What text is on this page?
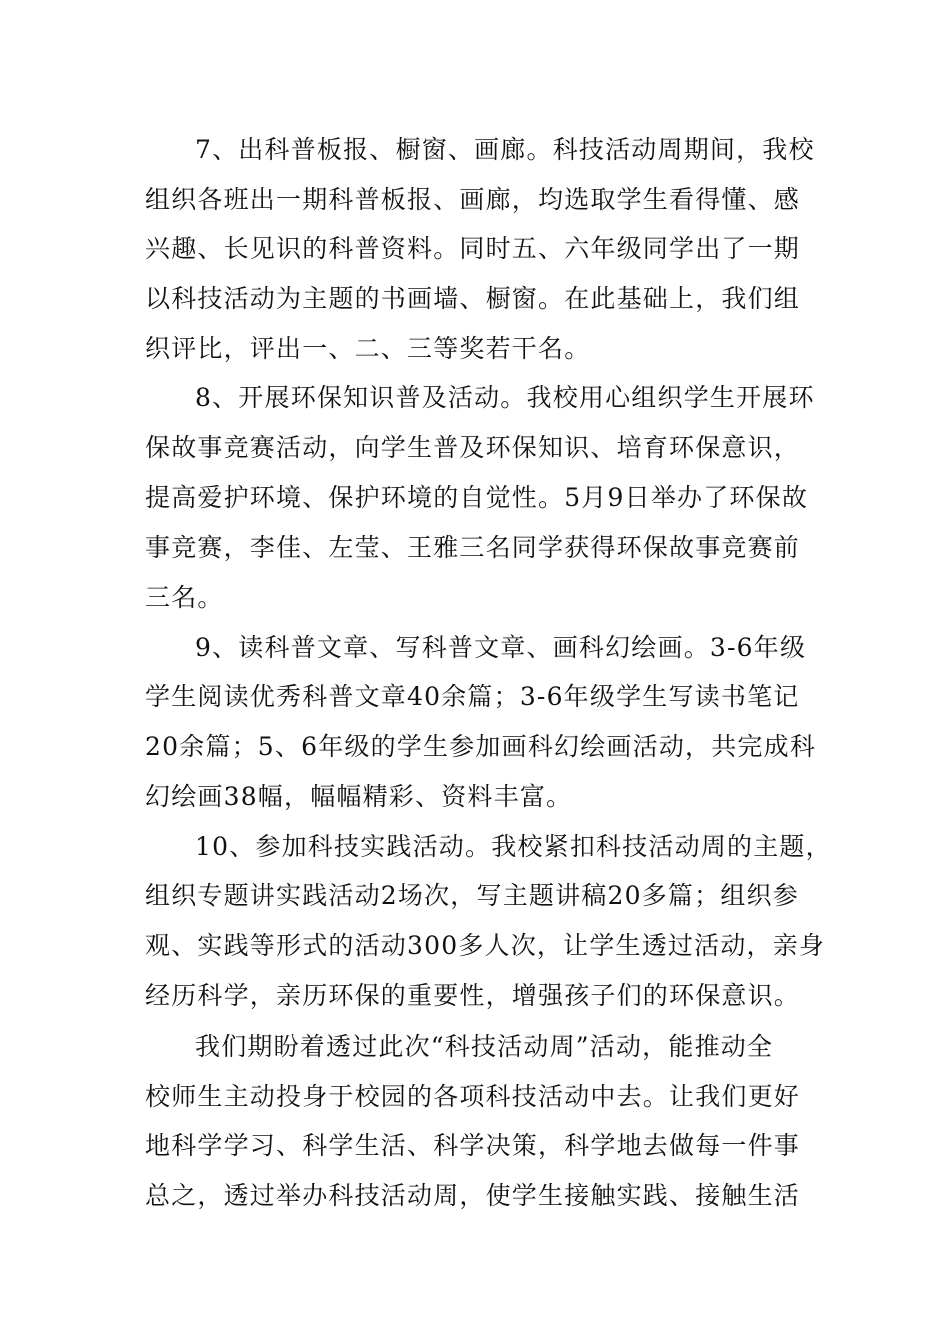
7、出科普板报、橱窗、画廊。科技活动周期间，我校
组织各班出一期科普板报、画廊，均选取学生看得懂、感
兴趣、长见识的科普资料。同时五、六年级同学出了一期
以科技活动为主题的书画墙、橱窗。在此基础上，我们组
织评比，评出一、二、三等奖若干名。
8、开展环保知识普及活动。我校用心组织学生开展环
保故事竞赛活动，向学生普及环保知识、培育环保意识，
提高爱护环境、保护环境的自觉性。5月9日举办了环保故
事竞赛，李佳、左莹、王雅三名同学获得环保故事竞赛前
三名。
9、读科普文章、写科普文章、画科幻绘画。3-6年级
学生阅读优秀科普文章40余篇；3-6年级学生写读书笔记
20余篇；5、6年级的学生参加画科幻绘画活动，共完成科
幻绘画38幅，幅幅精彩、资料丰富。
10、参加科技实践活动。我校紧扣科技活动周的主题，
组织专题讲实践活动2场次，写主题讲稿20多篇；组织参
观、实践等形式的活动300多人次，让学生透过活动，亲身
经历科学，亲历环保的重要性，增强孩子们的环保意识。
我们期盼着透过此次“科技活动周”活动，能推动全
校师生主动投身于校园的各项科技活动中去。让我们更好
地科学学习、科学生活、科学决策，科学地去做每一件事
总之，透过举办科技活动周，使学生接触实践、接触生活
